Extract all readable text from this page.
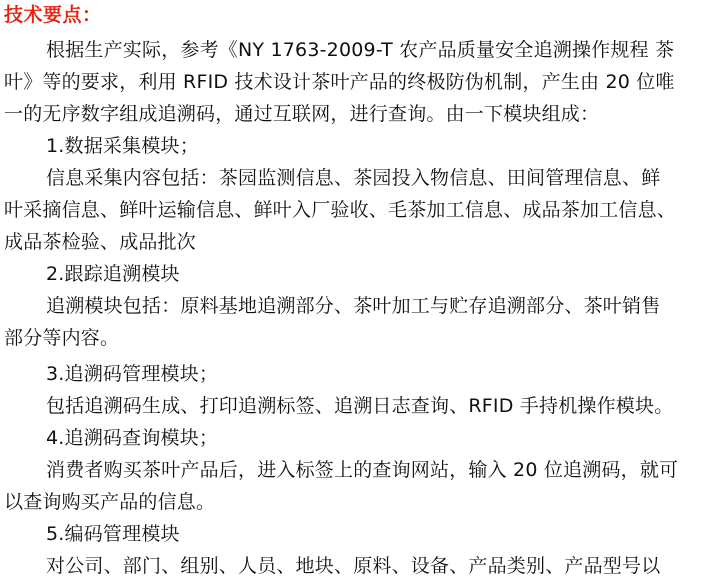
技术要点：
根据生产实际，参考《NY 1763-2009-T 农产品质量安全追溯操作规程 茶
叶》等的要求，利用 RFID 技术设计茶叶产品的终极防伪机制，产生由 20 位唯
一的无序数字组成追溯码，通过互联网，进行查询。由一下模块组成：
1.数据采集模块；
信息采集内容包括：茶园监测信息、茶园投入物信息、田间管理信息、鲜
叶采摘信息、鲜叶运输信息、鲜叶入厂验收、毛茶加工信息、成品茶加工信息、
成品茶检验、成品批次
2.跟踪追溯模块
追溯模块包括：原料基地追溯部分、茶叶加工与贮存追溯部分、茶叶销售
部分等内容。
3.追溯码管理模块；
包括追溯码生成、打印追溯标签、追溯日志查询、RFID 手持机操作模块。
4.追溯码查询模块；
消费者购买茶叶产品后，进入标签上的查询网站，输入 20 位追溯码，就可
以查询购买产品的信息。
5.编码管理模块
对公司、部门、组别、人员、地块、原料、设备、产品类别、产品型号以
